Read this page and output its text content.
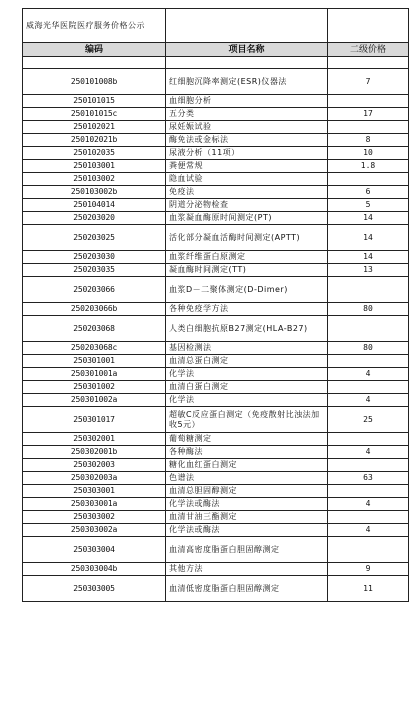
威海光华医院医疗服务价格公示		
编码	项目名称	二级价格

250101008b	红细胞沉降率测定(ESR)仪器法	7
250101015	血细胞分析	
250101015c	五分类	17
250102021	尿妊娠试验	
250102021b	酶免法或金标法	8
250102035	尿液分析（11项）	10
250103001	粪便常规	1.8
250103002	隐血试验	
250103002b	免疫法	6
250104014	阴道分泌物检查	5
250203020	血浆凝血酶原时间测定(PT)	14
250203025	活化部分凝血活酶时间测定(APTT)	14
250203030	血浆纤维蛋白原测定	14
250203035	凝血酶时间测定(TT)	13
250203066	血浆D－二聚体测定(D-Dimer)	
250203066b	各种免疫学方法	80
250203068	人类白细胞抗原B27测定(HLA-B27)	
250203068c	基因检测法	80
250301001	血清总蛋白测定	
250301001a	化学法	4
250301002	血清白蛋白测定	
250301002a	化学法	4
250301017	超敏C反应蛋白测定（免疫散射比浊法加收5元）	25
250302001	葡萄糖测定	
250302001b	各种酶法	4
250302003	糖化血红蛋白测定	
250302003a	色谱法	63
250303001	血清总胆固醇测定	
250303001a	化学法或酶法	4
250303002	血清甘油三酯测定	
250303002a	化学法或酶法	4
250303004	血清高密度脂蛋白胆固醇测定	
250303004b	其他方法	9
250303005	血清低密度脂蛋白胆固醇测定	11
